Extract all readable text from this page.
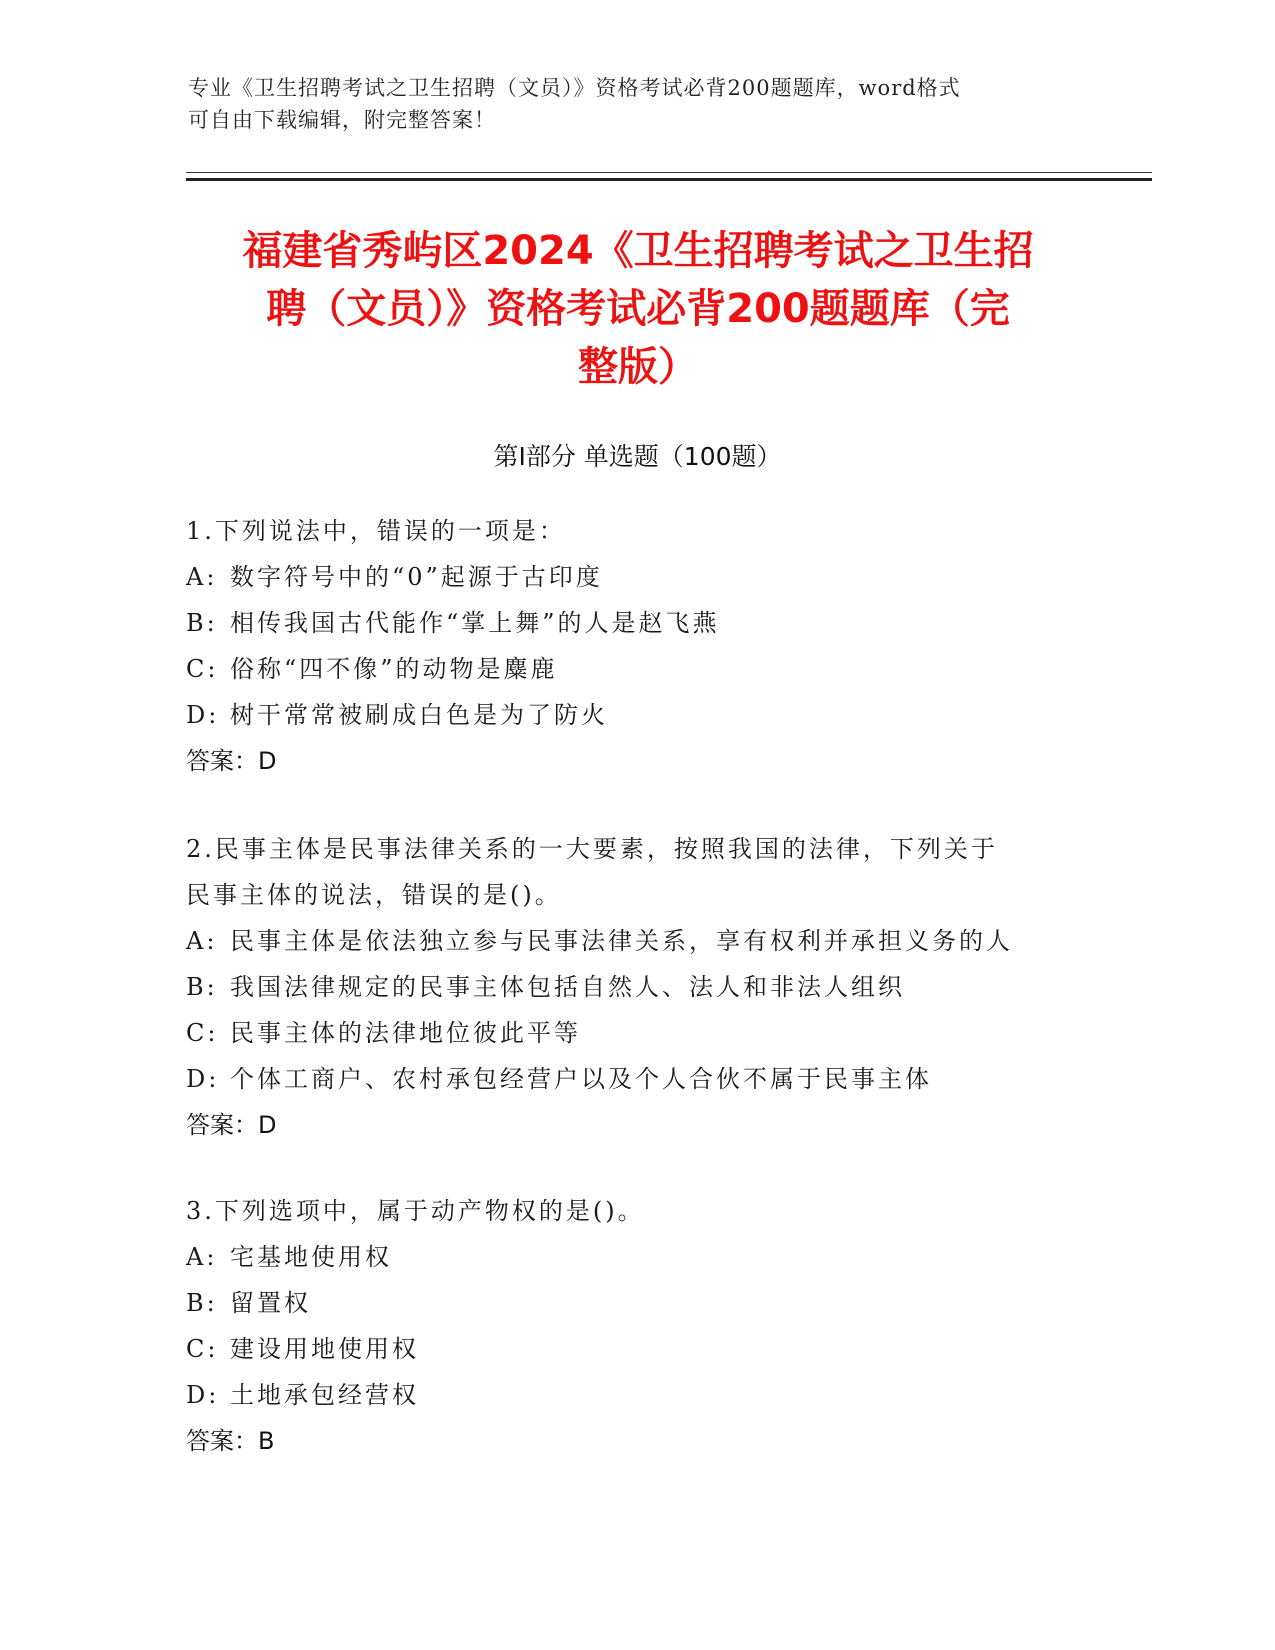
专业《卫生招聘考试之卫生招聘（文员）》资格考试必背200题题库，word格式
可自由下载编辑，附完整答案！
福建省秀屿区2024《卫生招聘考试之卫生招
聘（文员）》资格考试必背200题题库（完
整版）
第Ⅰ部分 单选题（100题）
1.下列说法中，错误的一项是：
A: 数字符号中的“0”起源于古印度
B: 相传我国古代能作“掌上舞”的人是赵飞燕
C: 俗称“四不像”的动物是麋鹿
D: 树干常常被刷成白色是为了防火
答案：D
2.民事主体是民事法律关系的一大要素，按照我国的法律，下列关于
民事主体的说法，错误的是()。
A: 民事主体是依法独立参与民事法律关系，享有权利并承担义务的人
B: 我国法律规定的民事主体包括自然人、法人和非法人组织
C: 民事主体的法律地位彼此平等
D: 个体工商户、农村承包经营户以及个人合伙不属于民事主体
答案：D
3.下列选项中，属于动产物权的是()。
A: 宅基地使用权
B: 留置权
C: 建设用地使用权
D: 土地承包经营权
答案：B
